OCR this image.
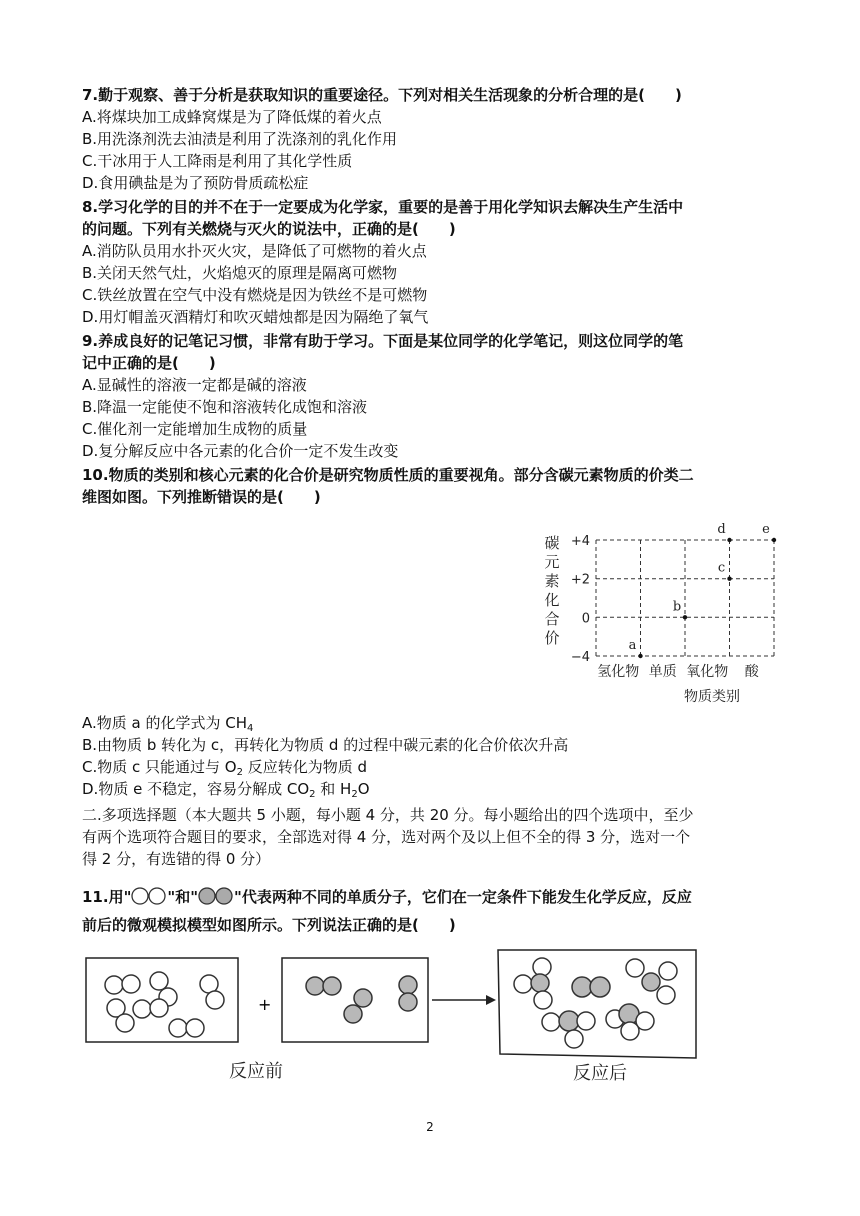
7.勤于观察、善于分析是获取知识的重要途径。下列对相关生活现象的分析合理的是(　　)
A.将煤块加工成蜂窝煤是为了降低煤的着火点
B.用洗涤剂洗去油渍是利用了洗涤剂的乳化作用
C.干冰用于人工降雨是利用了其化学性质
D.食用碘盐是为了预防骨质疏松症
8.学习化学的目的并不在于一定要成为化学家，重要的是善于用化学知识去解决生产生活中
的问题。下列有关燃烧与灭火的说法中，正确的是(　　)
A.消防队员用水扑灭火灾，是降低了可燃物的着火点
B.关闭天然气灶，火焰熄灭的原理是隔离可燃物
C.铁丝放置在空气中没有燃烧是因为铁丝不是可燃物
D.用灯帽盖灭酒精灯和吹灭蜡烛都是因为隔绝了氧气
9.养成良好的记笔记习惯，非常有助于学习。下面是某位同学的化学笔记，则这位同学的笔
记中正确的是(　　)
A.显碱性的溶液一定都是碱的溶液
B.降温一定能使不饱和溶液转化成饱和溶液
C.催化剂一定能增加生成物的质量
D.复分解反应中各元素的化合价一定不发生改变
10.物质的类别和核心元素的化合价是研究物质性质的重要视角。部分含碳元素物质的价类二
维图如图。下列推断错误的是(　　)
碳
元
素
化
合
价
+4
+2
0
−4
氢化物 单质 氧化物 酸
a
b
c
d	e
物质类别
A.物质 a 的化学式为 $CH_4$
B.由物质 b 转化为 c，再转化为物质 d 的过程中碳元素的化合价依次升高
C.物质 c 只能通过与 $O_2$ 反应转化为物质 d
D.物质 e 不稳定，容易分解成 $CO_2$ 和 $H_2O$
二.多项选择题（本大题共 5 小题，每小题 4 分，共 20 分。每小题给出的四个选项中，至少
有两个选项符合题目的要求，全部选对得 4 分，选对两个及以上但不全的得 3 分，选对一个
得 2 分，有选错的得 0 分）
11.用" "和" "代表两种不同的单质分子，它们在一定条件下能发生化学反应，反应
前后的微观模拟模型如图所示。下列说法正确的是(　　)
+
反应前	反应后
2
